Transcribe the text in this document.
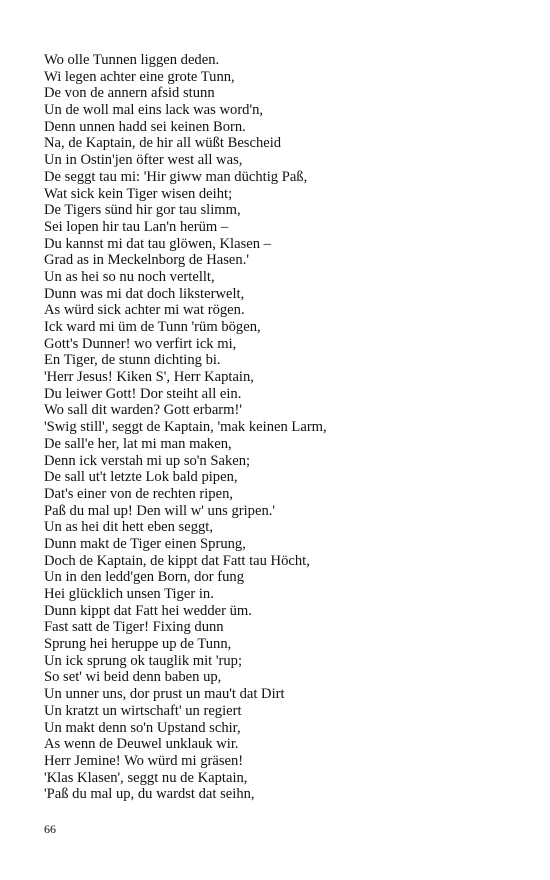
Wo olle Tunnen liggen deden.
Wi legen achter eine grote Tunn,
De von de annern afsid stunn
Un de woll mal eins lack was word'n,
Denn unnen hadd sei keinen Born.
Na, de Kaptain, de hir all wüßt Bescheid
Un in Ostin'jen öfter west all was,
De seggt tau mi: 'Hir giww man düchtig Paß,
Wat sick kein Tiger wisen deiht;
De Tigers sünd hir gor tau slimm,
Sei lopen hir tau Lan'n herüm –
Du kannst mi dat tau glöwen, Klasen –
Grad as in Meckelnborg de Hasen.'
Un as hei so nu noch vertellt,
Dunn was mi dat doch liksterwelt,
As würd sick achter mi wat rögen.
Ick ward mi üm de Tunn 'rüm bögen,
Gott's Dunner! wo verfirt ick mi,
En Tiger, de stunn dichting bi.
'Herr Jesus! Kiken S', Herr Kaptain,
Du leiwer Gott! Dor steiht all ein.
Wo sall dit warden? Gott erbarm!'
'Swig still', seggt de Kaptain, 'mak keinen Larm,
De sall'e her, lat mi man maken,
Denn ick verstah mi up so'n Saken;
De sall ut't letzte Lok bald pipen,
Dat's einer von de rechten ripen,
Paß du mal up! Den will w' uns gripen.'
Un as hei dit hett eben seggt,
Dunn makt de Tiger einen Sprung,
Doch de Kaptain, de kippt dat Fatt tau Höcht,
Un in den ledd'gen Born, dor fung
Hei glücklich unsen Tiger in.
Dunn kippt dat Fatt hei wedder üm.
Fast satt de Tiger! Fixing dunn
Sprung hei heruppe up de Tunn,
Un ick sprung ok tauglik mit 'rup;
So set' wi beid denn baben up,
Un unner uns, dor prust un mau't dat Dirt
Un kratzt un wirtschaft' un regiert
Un makt denn so'n Upstand schir,
As wenn de Deuwel unklauk wir.
Herr Jemine! Wo würd mi gräsen!
'Klas Klasen', seggt nu de Kaptain,
'Paß du mal up, du wardst dat seihn,
66
